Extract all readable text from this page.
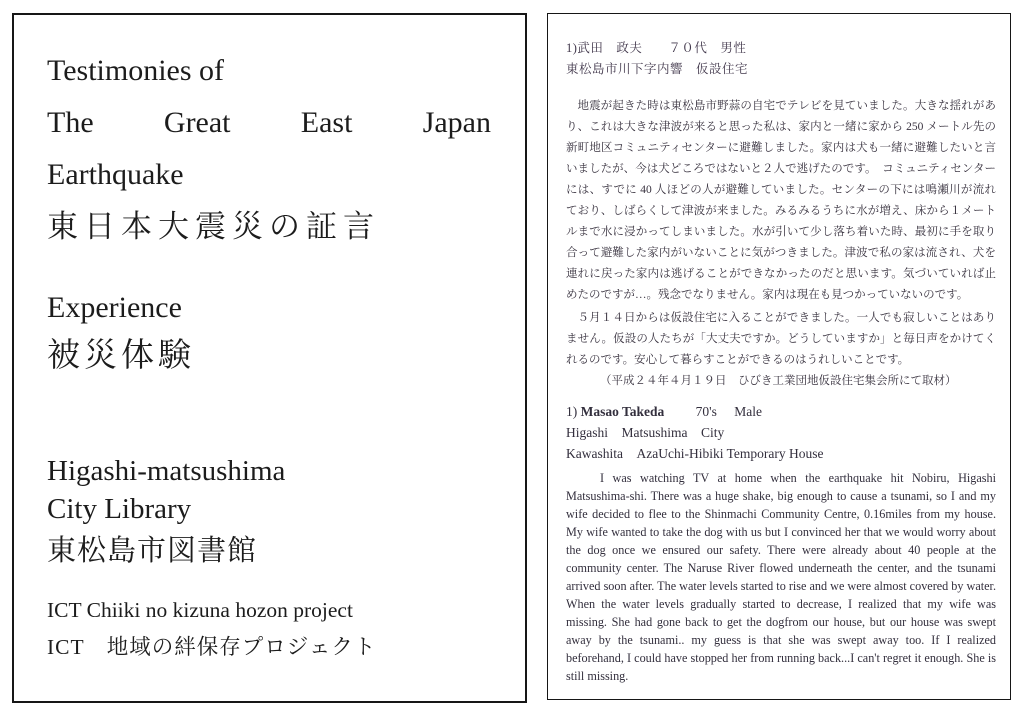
Testimonies of
The Great East Japan
Earthquake
東日本大震災の証言
Experience
被災体験
Higashi-matsushima
City Library
東松島市図書館
ICT Chiiki no kizuna hozon project
ICT　地域の絆保存プロジェクト
1)武田　政夫　　７０代　男性
東松島市川下字内響　仮設住宅

地震が起きた時は東松島市野蒜の自宅でテレビを見ていました。大きな揺れがあり、これは大きな津波が来ると思った私は、家内と一緒に家から 250 メートル先の新町地区コミュニティセンターに避難しました。家内は犬も一緒に避難したいと言いましたが、今は犬どころではないと２人で逃げたのです。　コミュニティセンターには、すでに 40 人ほどの人が避難していました。センターの下には鳴瀬川が流れており、しばらくして津波が来ました。みるみるうちに水が増え、床から１メートルまで水に浸かってしまいました。水が引いて少し落ち着いた時、最初に手を取り合って避難した家内がいないことに気がつきました。津波で私の家は流され、犬を連れに戻った家内は逃げることができなかったのだと思います。気づいていれば止めたのですが…。残念でなりません。家内は現在も見つかっていないのです。

５月１４日からは仮設住宅に入ることができました。一人でも寂しいことはありません。仮設の人たちが「大丈夫ですか。どうしていますか」と毎日声をかけてくれるのです。安心して暮らすことができるのはうれしいことです。

（平成２４年４月１９日　ひびき工業団地仮設住宅集会所にて取材）
1) Masao Takeda 70's Male
Higashi　Matsushima　City
Kawashita　AzaUchi-Hibiki Temporary House

I was watching TV at home when the earthquake hit Nobiru, Higashi Matsushima-shi. There was a huge shake, big enough to cause a tsunami, so I and my wife decided to flee to the Shinmachi Community Centre, 0.16miles from my house. My wife wanted to take the dog with us but I convinced her that we would worry about the dog once we ensured our safety. There were already about 40 people at the community center. The Naruse River flowed underneath the center, and the tsunami arrived soon after. The water levels started to rise and we were almost covered by water. When the water levels gradually started to decrease, I realized that my wife was missing. She had gone back to get the dogfrom our house, but our house was swept away by the tsunami.. my guess is that she was swept away too. If I realized beforehand, I could have stopped her from running back...I can't regret it enough. She is still missing.
